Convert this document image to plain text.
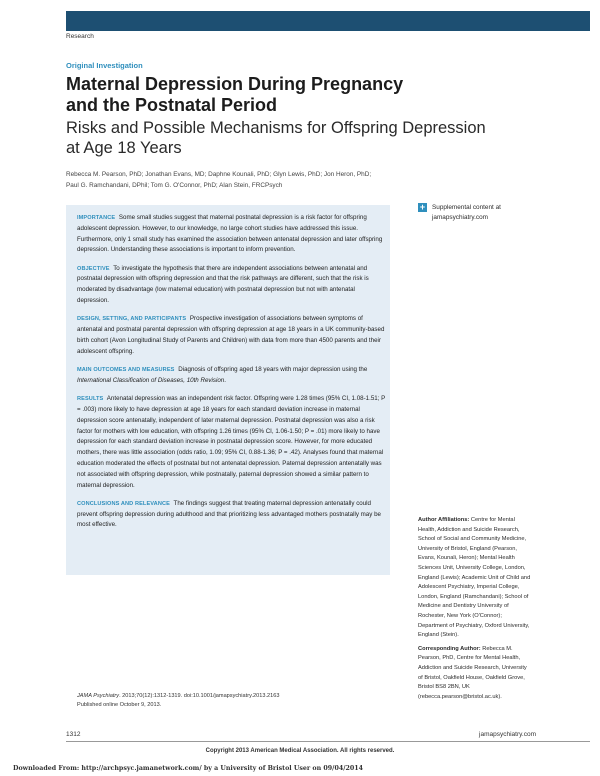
Research
Original Investigation
Maternal Depression During Pregnancy
and the Postnatal Period
Risks and Possible Mechanisms for Offspring Depression
at Age 18 Years

Rebecca M. Pearson, PhD; Jonathan Evans, MD; Daphne Kounali, PhD; Glyn Lewis, PhD; Jon Heron, PhD;
Paul G. Ramchandani, DPhil; Tom G. O'Connor, PhD; Alan Stein, FRCPsych

IMPORTANCE Some small studies suggest that maternal postnatal depression is a risk factor for offspring adolescent depression. However, to our knowledge, no large cohort studies have addressed this issue. Furthermore, only 1 small study has examined the association between antenatal depression and later offspring depression. Understanding these associations is important to inform prevention.

OBJECTIVE To investigate the hypothesis that there are independent associations between antenatal and postnatal depression with offspring depression and that the risk pathways are different, such that the risk is moderated by disadvantage (low maternal education) with postnatal depression but not with antenatal depression.

DESIGN, SETTING, AND PARTICIPANTS Prospective investigation of associations between symptoms of antenatal and postnatal parental depression with offspring depression at age 18 years in a UK community-based birth cohort (Avon Longitudinal Study of Parents and Children) with data from more than 4500 parents and their adolescent offspring.

MAIN OUTCOMES AND MEASURES Diagnosis of offspring aged 18 years with major depression using the International Classification of Diseases, 10th Revision.

RESULTS Antenatal depression was an independent risk factor. Offspring were 1.28 times (95% CI, 1.08-1.51; P = .003) more likely to have depression at age 18 years for each standard deviation increase in maternal depression score antenatally, independent of later maternal depression. Postnatal depression was also a risk factor for mothers with low education, with offspring 1.26 times (95% CI, 1.06-1.50; P = .01) more likely to have depression for each standard deviation increase in postnatal depression score. However, for more educated mothers, there was little association (odds ratio, 1.09; 95% CI, 0.88-1.36; P = .42). Analyses found that maternal education moderated the effects of postnatal but not antenatal depression. Paternal depression antenatally was not associated with offspring depression, while postnatally, paternal depression showed a similar pattern to maternal depression.

CONCLUSIONS AND RELEVANCE The findings suggest that treating maternal depression antenatally could prevent offspring depression during adulthood and that prioritizing less advantaged mothers postnatally may be most effective.

+ Supplemental content at
jamapsychiatry.com

Author Affiliations: Centre for Mental Health, Addiction and Suicide Research, School of Social and Community Medicine, University of Bristol, England (Pearson, Evans, Kounali, Heron); Mental Health Sciences Unit, University College, London, England (Lewis); Academic Unit of Child and Adolescent Psychiatry, Imperial College, London, England (Ramchandani); School of Medicine and Dentistry University of Rochester, New York (O'Connor); Department of Psychiatry, Oxford University, England (Stein).

Corresponding Author: Rebecca M. Pearson, PhD, Centre for Mental Health, Addiction and Suicide Research, University of Bristol, Oakfield House, Oakfield Grove, Bristol BS8 2BN, UK (rebecca.pearson@bristol.ac.uk).

JAMA Psychiatry. 2013;70(12):1312-1319. doi:10.1001/jamapsychiatry.2013.2163
Published online October 9, 2013.
1312	jamapsychiatry.com
Copyright 2013 American Medical Association. All rights reserved.
Downloaded From: http://archpsyc.jamanetwork.com/ by a University of Bristol User on 09/04/2014
